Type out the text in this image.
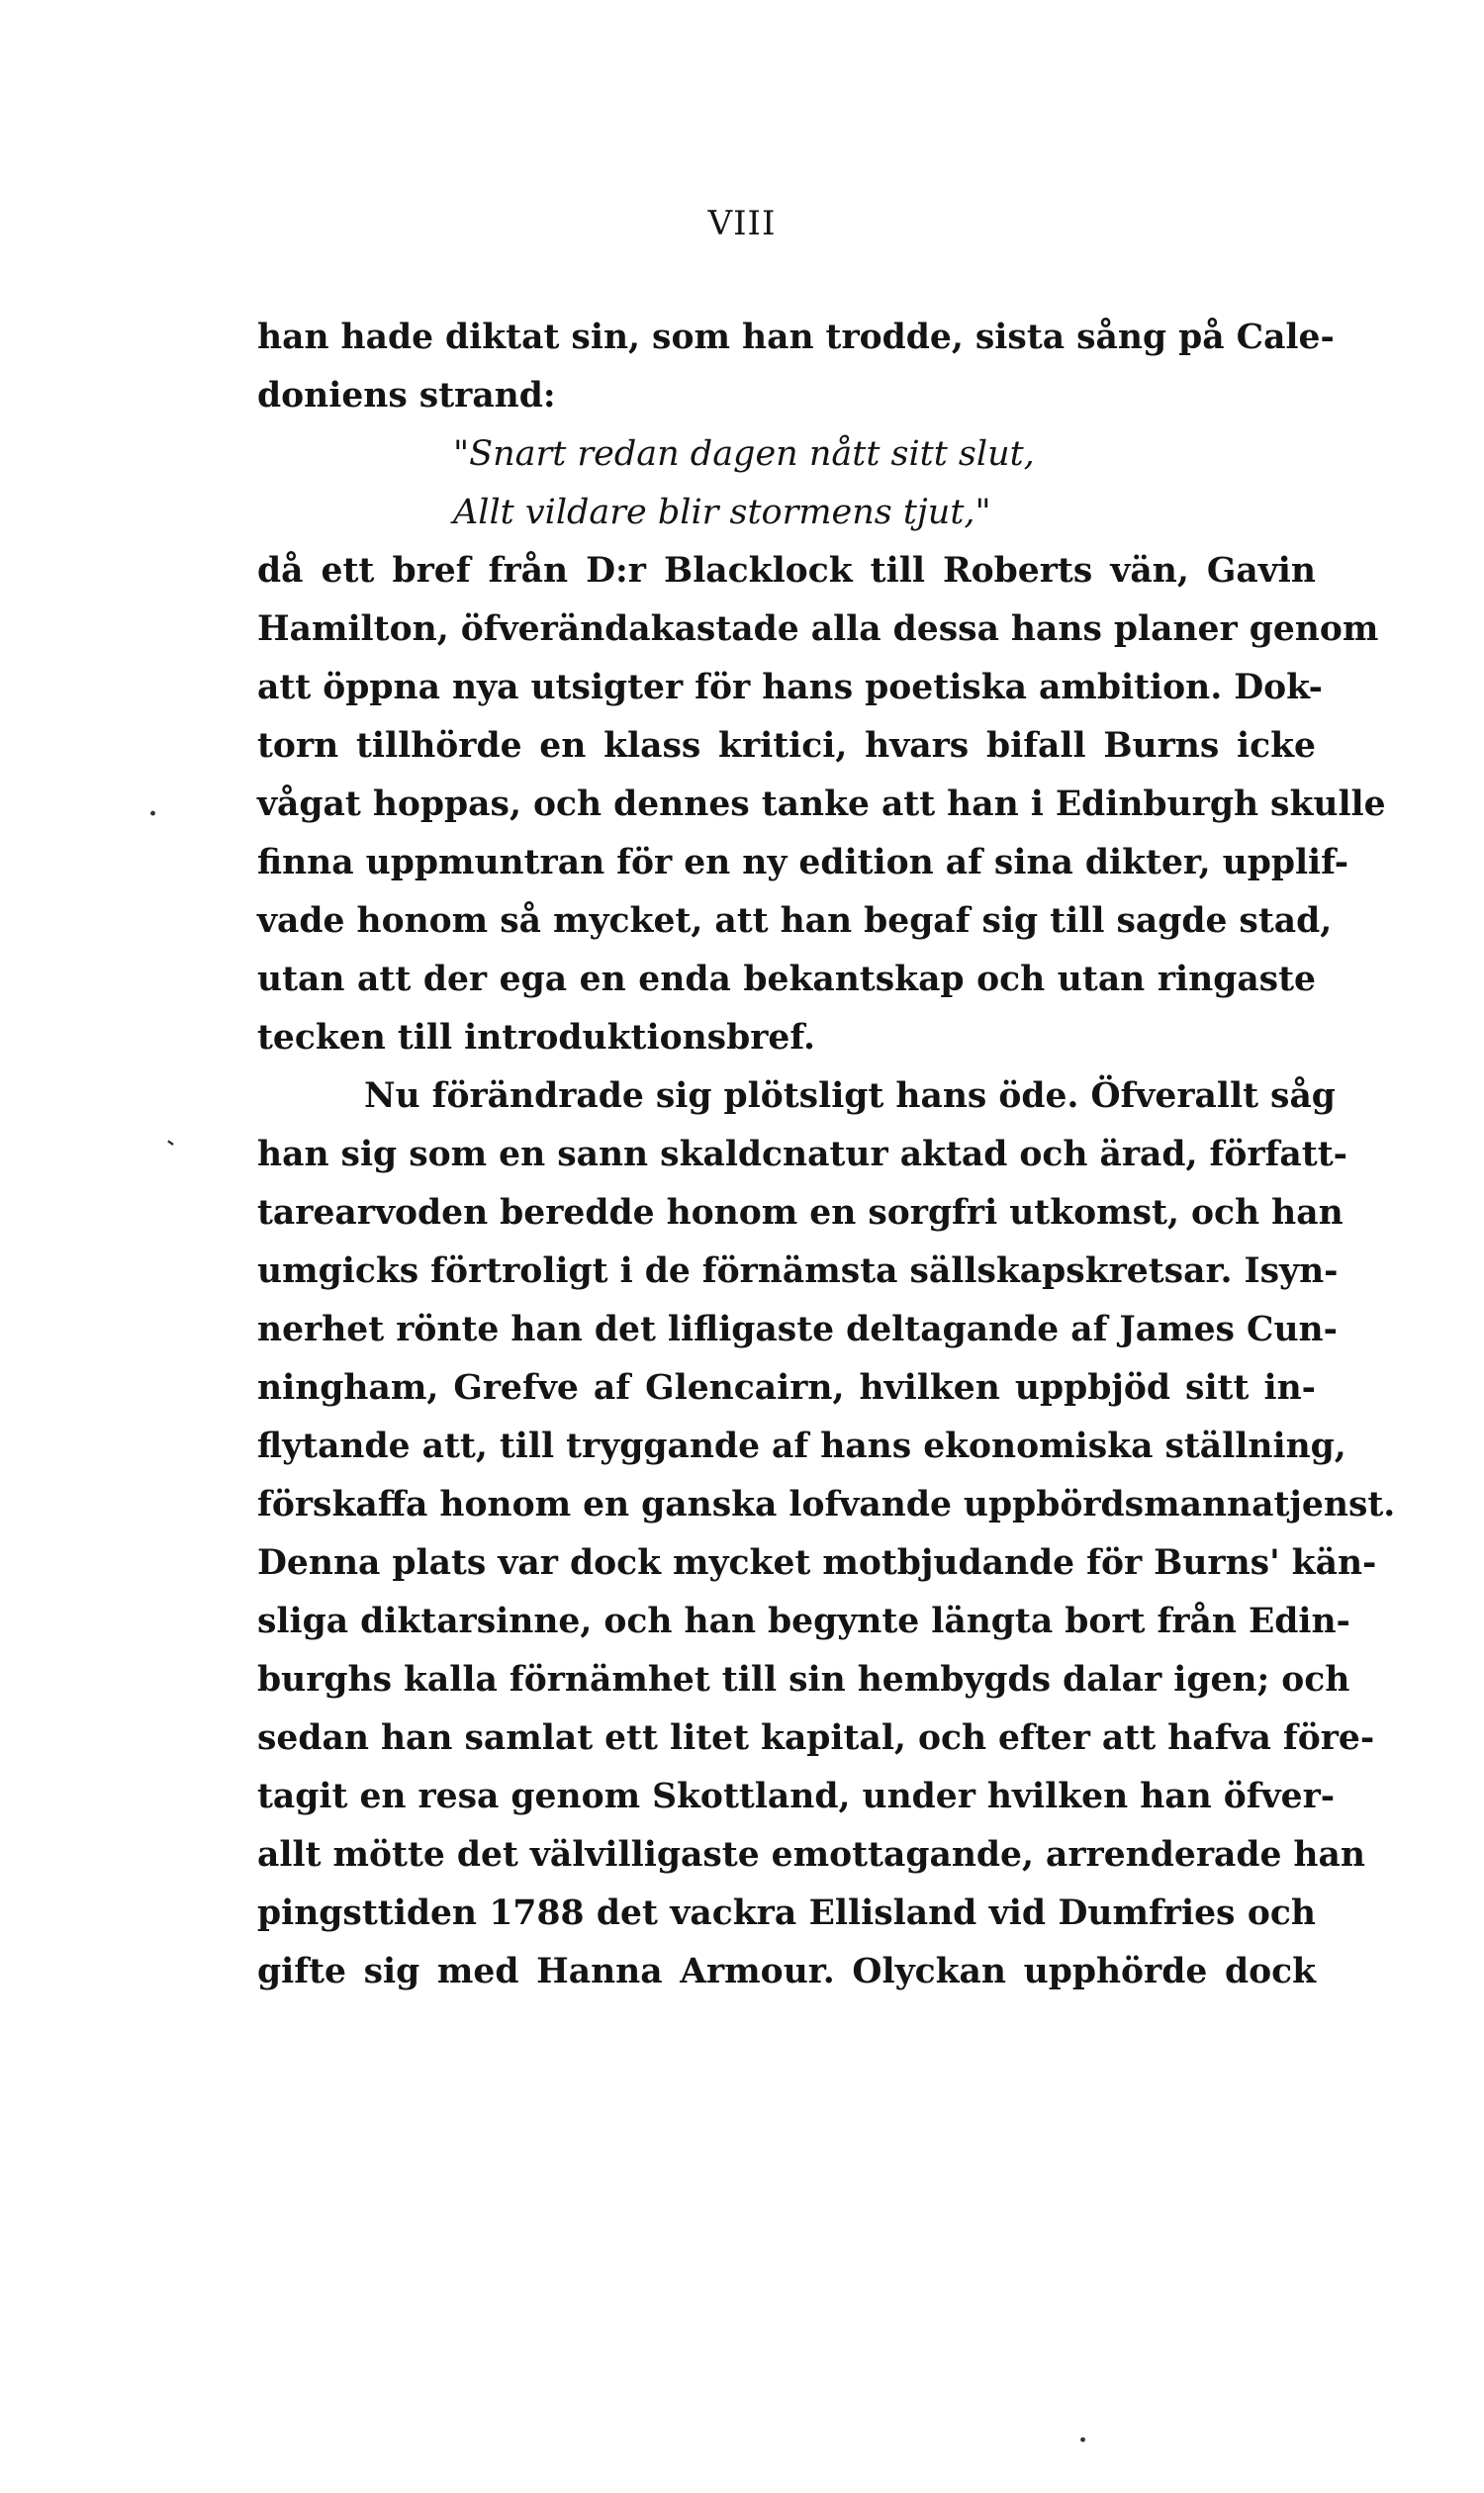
VIII
han hade diktat sin, som han trodde, sista sång på Cale-
doniens strand:
"Snart redan dagen nått sitt slut,
Allt vildare blir stormens tjut,"
då ett bref från D:r Blacklock till Roberts vän, Gavin
Hamilton, öfverändakastade alla dessa hans planer genom
att öppna nya utsigter för hans poetiska ambition. Dok-
torn tillhörde en klass kritici, hvars bifall Burns icke
vågat hoppas, och dennes tanke att han i Edinburgh skulle
finna uppmuntran för en ny edition af sina dikter, upplif-
vade honom så mycket, att han begaf sig till sagde stad,
utan att der ega en enda bekantskap och utan ringaste
tecken till introduktionsbref.
Nu förändrade sig plötsligt hans öde. Öfverallt såg
han sig som en sann skaldcnatur aktad och ärad, författ-
tarearvoden beredde honom en sorgfri utkomst, och han
umgicks förtroligt i de förnämsta sällskapskretsar. Isyn-
nerhet rönte han det lifligaste deltagande af James Cun-
ningham, Grefve af Glencairn, hvilken uppbjöd sitt in-
flytande att, till tryggande af hans ekonomiska ställning,
förskaffa honom en ganska lofvande uppbördsmannatjenst.
Denna plats var dock mycket motbjudande för Burns' kän-
sliga diktarsinne, och han begynte längta bort från Edin-
burghs kalla förnämhet till sin hembygds dalar igen; och
sedan han samlat ett litet kapital, och efter att hafva före-
tagit en resa genom Skottland, under hvilken han öfver-
allt mötte det välvilligaste emottagande, arrenderade han
pingsttiden 1788 det vackra Ellisland vid Dumfries och
gifte sig med Hanna Armour. Olyckan upphörde dock
·
˗
·
